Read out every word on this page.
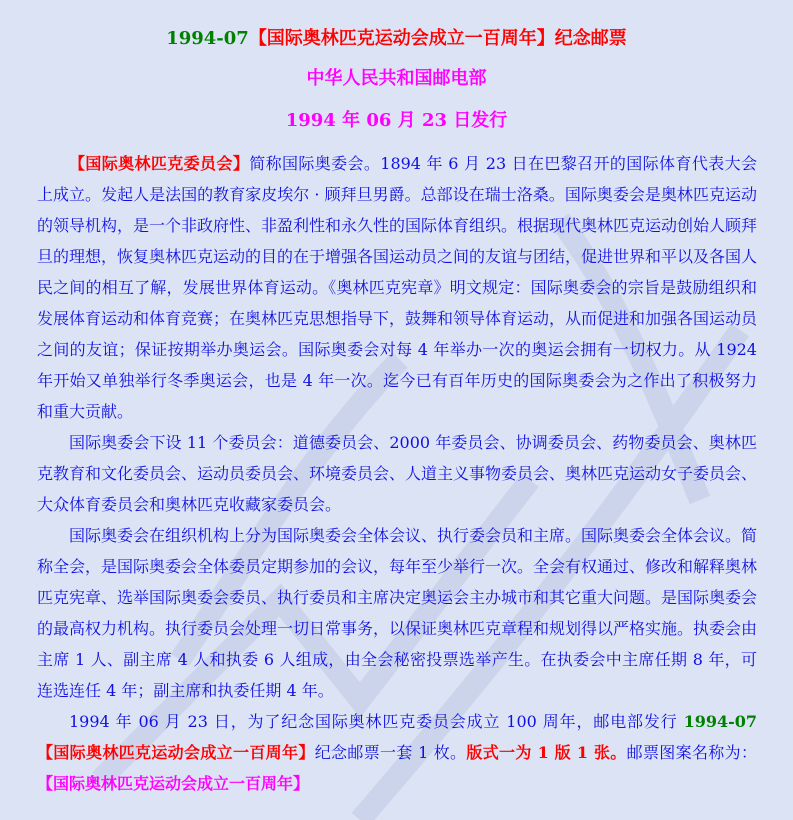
1994-07【国际奥林匹克运动会成立一百周年】纪念邮票
中华人民共和国邮电部
1994 年 06 月 23 日发行

【国际奥林匹克委员会】简称国际奥委会。1894 年 6 月 23 日在巴黎召开的国际体育代表大会上成立。发起人是法国的教育家皮埃尔 · 顾拜旦男爵。总部设在瑞士洛桑。国际奥委会是奥林匹克运动的领导机构，是一个非政府性、非盈利性和永久性的国际体育组织。根据现代奥林匹克运动创始人顾拜旦的理想，恢复奥林匹克运动的目的在于增强各国运动员之间的友谊与团结，促进世界和平以及各国人民之间的相互了解，发展世界体育运动。《奥林匹克宪章》明文规定：国际奥委会的宗旨是鼓励组织和发展体育运动和体育竞赛；在奥林匹克思想指导下，鼓舞和领导体育运动，从而促进和加强各国运动员之间的友谊；保证按期举办奥运会。国际奥委会对每 4 年举办一次的奥运会拥有一切权力。从 1924 年开始又单独举行冬季奥运会，也是 4 年一次。迄今已有百年历史的国际奥委会为之作出了积极努力和重大贡献。

国际奥委会下设 11 个委员会：道德委员会、2000 年委员会、协调委员会、药物委员会、奥林匹克教育和文化委员会、运动员委员会、环境委员会、人道主义事物委员会、奥林匹克运动女子委员会、大众体育委员会和奥林匹克收藏家委员会。

国际奥委会在组织机构上分为国际奥委会全体会议、执行委会员和主席。国际奥委会全体会议。简称全会，是国际奥委会全体委员定期参加的会议，每年至少举行一次。全会有权通过、修改和解释奥林匹克宪章、选举国际奥委会委员、执行委员和主席决定奥运会主办城市和其它重大问题。是国际奥委会的最高权力机构。执行委员会处理一切日常事务，以保证奥林匹克章程和规划得以严格实施。执委会由主席 1 人、副主席 4 人和执委 6 人组成，由全会秘密投票选举产生。在执委会中主席任期 8 年，可连选连任 4 年；副主席和执委任期 4 年。

1994 年 06 月 23 日，为了纪念国际奥林匹克委员会成立 100 周年，邮电部发行 1994-07【国际奥林匹克运动会成立一百周年】纪念邮票一套 1 枚。版式一为 1 版 1 张。邮票图案名称为：【国际奥林匹克运动会成立一百周年】
